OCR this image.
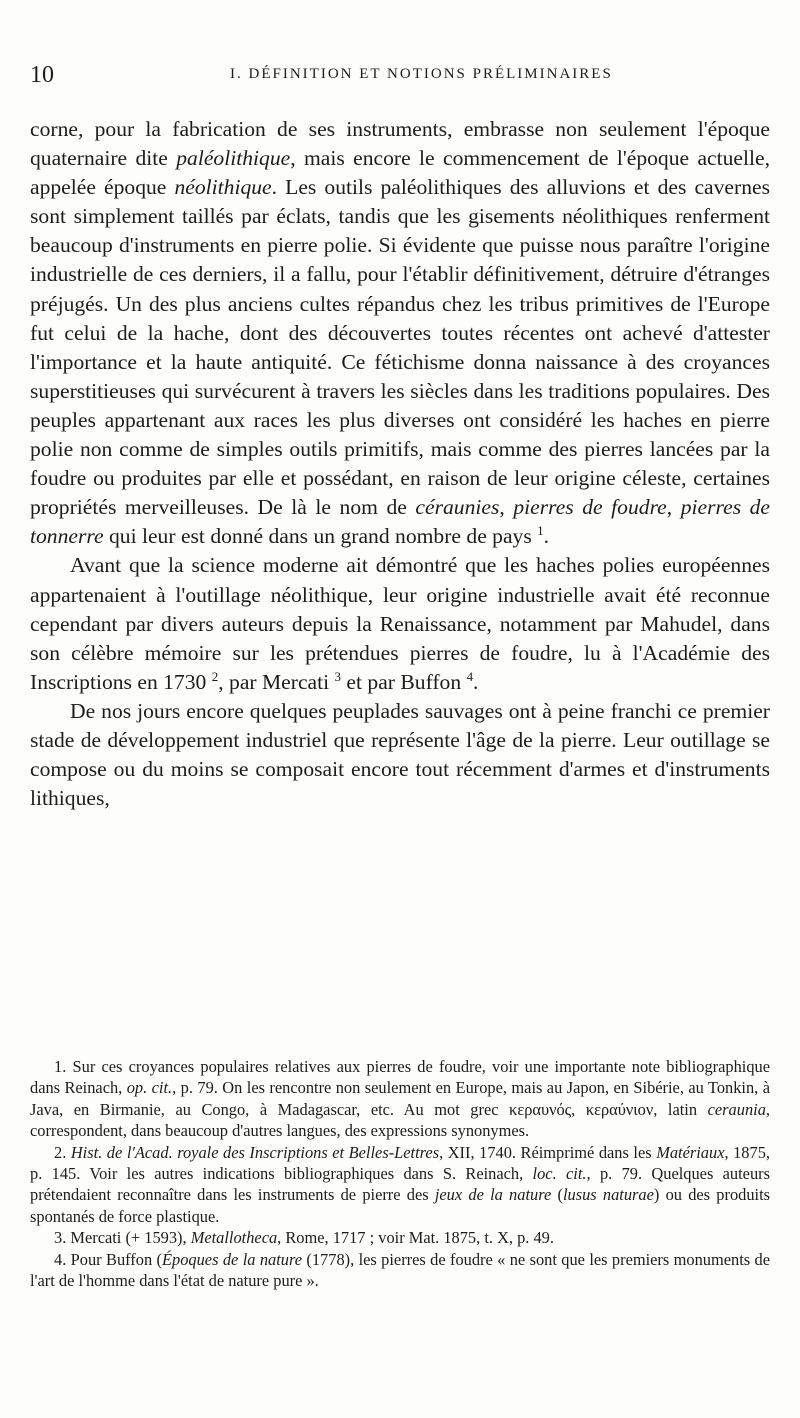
10	I. DÉFINITION ET NOTIONS PRÉLIMINAIRES

corne, pour la fabrication de ses instruments, embrasse non seulement l'époque quaternaire dite paléolithique, mais encore le commencement de l'époque actuelle, appelée époque néolithique. Les outils paléolithiques des alluvions et des cavernes sont simplement taillés par éclats, tandis que les gisements néolithiques renferment beaucoup d'instruments en pierre polie. Si évidente que puisse nous paraître l'origine industrielle de ces derniers, il a fallu, pour l'établir définitivement, détruire d'étranges préjugés. Un des plus anciens cultes répandus chez les tribus primitives de l'Europe fut celui de la hache, dont des découvertes toutes récentes ont achevé d'attester l'importance et la haute antiquité. Ce fétichisme donna naissance à des croyances superstitieuses qui survécurent à travers les siècles dans les traditions populaires. Des peuples appartenant aux races les plus diverses ont considéré les haches en pierre polie non comme de simples outils primitifs, mais comme des pierres lancées par la foudre ou produites par elle et possédant, en raison de leur origine céleste, certaines propriétés merveilleuses. De là le nom de céraunies, pierres de foudre, pierres de tonnerre qui leur est donné dans un grand nombre de pays $^1$.

Avant que la science moderne ait démontré que les haches polies européennes appartenaient à l'outillage néolithique, leur origine industrielle avait été reconnue cependant par divers auteurs depuis la Renaissance, notamment par Mahudel, dans son célèbre mémoire sur les prétendues pierres de foudre, lu à l'Académie des Inscriptions en 1730 $^2$, par Mercati $^3$ et par Buffon $^4$.

De nos jours encore quelques peuplades sauvages ont à peine franchi ce premier stade de développement industriel que représente l'âge de la pierre. Leur outillage se compose ou du moins se composait encore tout récemment d'armes et d'instruments lithiques,

1. Sur ces croyances populaires relatives aux pierres de foudre, voir une importante note bibliographique dans Reinach, op. cit., p. 79. On les rencontre non seulement en Europe, mais au Japon, en Sibérie, au Tonkin, à Java, en Birmanie, au Congo, à Madagascar, etc. Au mot grec κεραυνός, κεραύνιον, latin ceraunia, correspondent, dans beaucoup d'autres langues, des expressions synonymes.

2. Hist. de l'Acad. royale des Inscriptions et Belles-Lettres, XII, 1740. Réimprimé dans les Matériaux, 1875, p. 145. Voir les autres indications bibliographiques dans S. Reinach, loc. cit., p. 79. Quelques auteurs prétendaient reconnaître dans les instruments de pierre des jeux de la nature (lusus naturae) ou des produits spontanés de force plastique.

3. Mercati (+ 1593), Metallotheca, Rome, 1717 ; voir Mat. 1875, t. X, p. 49.

4. Pour Buffon (Époques de la nature (1778), les pierres de foudre « ne sont que les premiers monuments de l'art de l'homme dans l'état de nature pure ».
